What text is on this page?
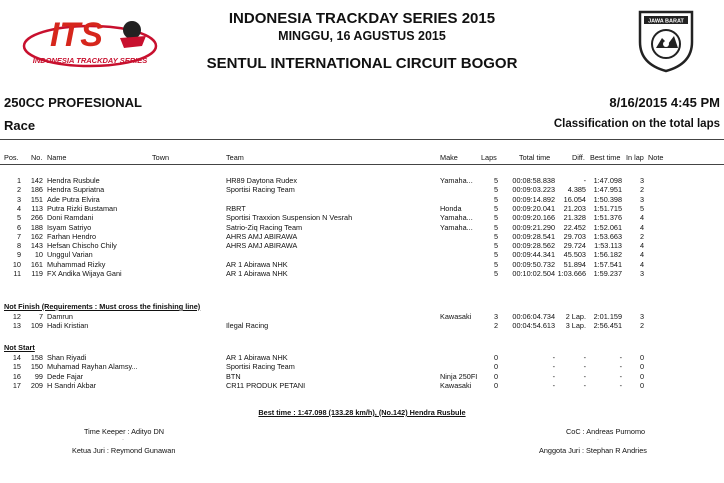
ITS
INDONESIA TRACKDAY SERIES
JAWA BARAT
INDONESIA TRACKDAY SERIES 2015
MINGGU, 16 AGUSTUS 2015
SENTUL INTERNATIONAL CIRCUIT BOGOR
250CC PROFESIONAL	8/16/2015 4:45 PM
Race	Classification on the total laps
Pos. No. Name	Town	Team	Make	Laps	Total time	Diff. Best time In lap Note
1	142 Hendra Rusbule	HR89 Daytona Rudex	Yamaha...	5	00:08:58.838	-	1:47.098	3
2	186 Hendra Supriatna	Sportisi Racing Team	5	00:09:03.223	4.385	1:47.951	2
3	151 Ade Putra Elvira	5	00:09:14.892	16.054	1:50.398	3
4	113 Putra Rizki Bustaman	RBRT	Honda	5	00:09:20.041	21.203	1:51.715	5
5	266 Doni Ramdani	Sportisi Traxxion Suspension N Vesrah	Yamaha...	5	00:09:20.166	21.328	1:51.376	4
6	188 Isyam Satriyo	Satrio-Ziq Racing Team	Yamaha...	5	00:09:21.290	22.452	1:52.061	4
7	162 Farhan Hendro	AHRS AMJ ABIRAWA	5	00:09:28.541	29.703	1:53.663	2
8	143 Hefsan Chischo Chily	AHRS AMJ ABIRAWA	5	00:09:28.562	29.724	1:53.113	4
9	10 Unggul Varian	5	00:09:44.341	45.503	1:56.182	4
10	161 Muhammad Rizky	AR 1 Abirawa NHK	5	00:09:50.732	51.894	1:57.541	4
11	119 FX Andika Wijaya Gani	AR 1 Abirawa NHK	5	00:10:02.504 1:03.666	1:59.237	3
Not Finish (Requirements : Must cross the finishing line)
12	7 Damrun	Kawasaki	3	00:06:04.734	2 Lap.	2:01.159	3
13	109 Hadi Kristian	Ilegal Racing	2	00:04:54.613	3 Lap.	2:56.451	2
Not Start
14	158 Shan Riyadi	AR 1 Abirawa NHK	0	-	-	-	0
15	150 Muhamad Rayhan Alamsy...	Sportisi Racing Team	0	-	-	-	0
16	99 Dede Fajar	BTN	Ninja 250FI	0	-	-	-	0
17	209 H Sandri Akbar	CR11 PRODUK PETANI	Kawasaki	0	-	-	-	0
Best time : 1:47.098 (133.28 km/h), (No.142) Hendra Rusbule
Time Keeper : Adityo DN	CoC : Andreas Purnomo
·	·
Ketua Juri : Reymond Gunawan	Anggota Juri : Stephan R Andries
